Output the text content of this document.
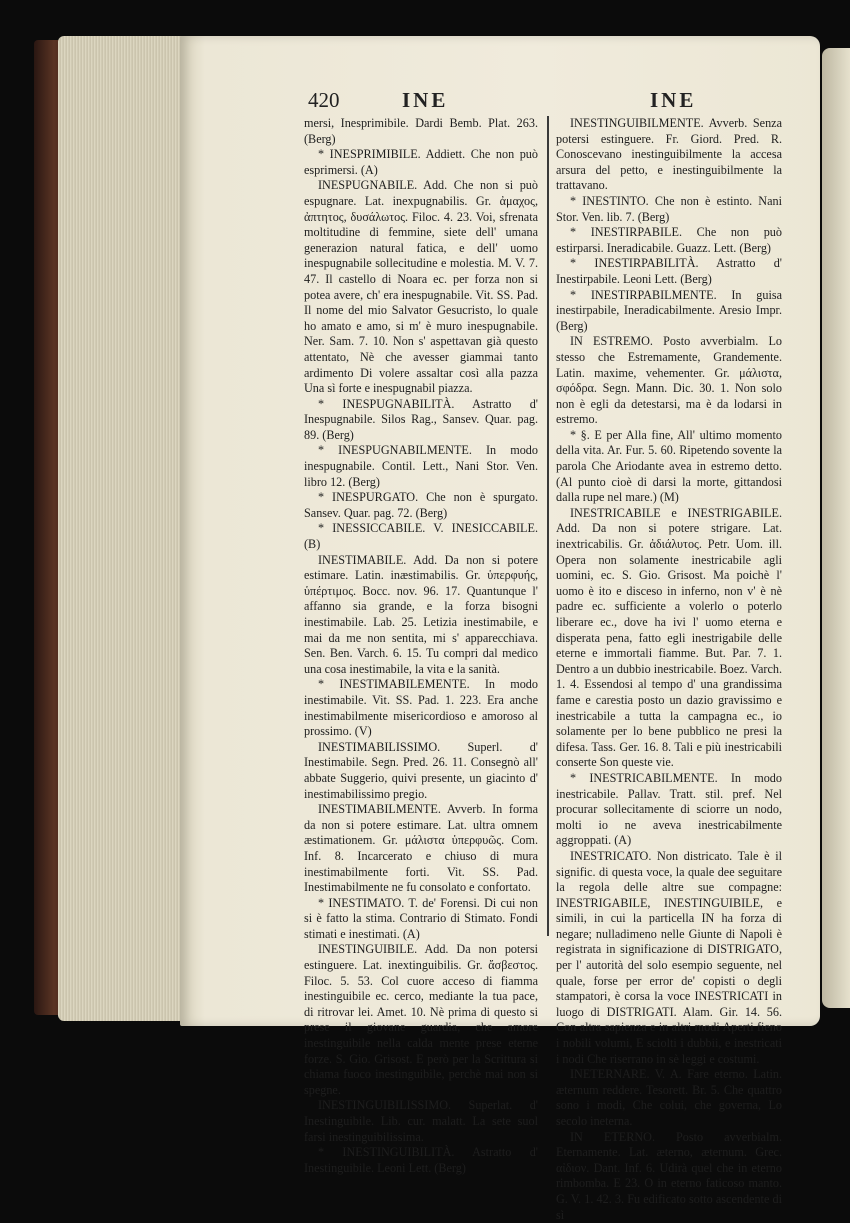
420	INE	INE

mersi, Inesprimibile. Dardi Bemb. Plat. 263. (Berg)

* INESPRIMIBILE. Addiett. Che non può esprimersi. (A)

INESPUGNABILE. Add. Che non si può espugnare. Lat. inexpugnabilis. Gr. ἀμαχος, ἀπτητος, δυσάλωτος. Filoc. 4. 23. Voi, sfrenata moltitudine di femmine, siete dell' umana generazion natural fatica, e dell' uomo inespugnabile sollecitudine e molestia. M. V. 7. 47. Il castello di Noara ec. per forza non si potea avere, ch' era inespugnabile. Vit. SS. Pad. Il nome del mio Salvator Gesucristo, lo quale ho amato e amo, si m' è muro inespugnabile. Ner. Sam. 7. 10. Non s' aspettavan già questo attentato, Nè che avesser giammai tanto ardimento Di volere assaltar così alla pazza Una sì forte e inespugnabil piazza.

* INESPUGNABILITÀ. Astratto d' Inespugnabile. Silos Rag., Sansev. Quar. pag. 89. (Berg)

* INESPUGNABILMENTE. In modo inespugnabile. Contil. Lett., Nani Stor. Ven. libro 12. (Berg)

* INESPURGATO. Che non è spurgato. Sansev. Quar. pag. 72. (Berg)

* INESSICCABILE. V. INESICCABILE. (B)

INESTIMABILE. Add. Da non si potere estimare. Latin. inæstimabilis. Gr. ὑπερφυής, ὑπέρτιμος. Bocc. nov. 96. 17. Quantunque l' affanno sia grande, e la forza bisogni inestimabile. Lab. 25. Letizia inestimabile, e mai da me non sentita, mi s' apparecchiava. Sen. Ben. Varch. 6. 15. Tu compri dal medico una cosa inestimabile, la vita e la sanità.

* INESTIMABILEMENTE. In modo inestimabile. Vit. SS. Pad. 1. 223. Era anche inestimabilmente misericordioso e amoroso al prossimo. (V)

INESTIMABILISSIMO. Superl. d' Inestimabile. Segn. Pred. 26. 11. Consegnò all' abbate Suggerio, quivi presente, un giacinto d' inestimabilissimo pregio.

INESTIMABILMENTE. Avverb. In forma da non si potere estimare. Lat. ultra omnem æstimationem. Gr. μάλιστα ὑπερφυῶς. Com. Inf. 8. Incarcerato e chiuso di mura inestimabilmente forti. Vit. SS. Pad. Inestimabilmente ne fu consolato e confortato.

* INESTIMATO. T. de' Forensi. Di cui non si è fatto la stima. Contrario di Stimato. Fondi stimati e inestimati. (A)

INESTINGUIBILE. Add. Da non potersi estinguere. Lat. inextinguibilis. Gr. ἄσβεστος. Filoc. 5. 53. Col cuore acceso di fiamma inestinguibile ec. cerco, mediante la tua pace, di ritrovar lei. Amet. 10. Nè prima di questo si prese il giovane guardia, che amore inestinguibile nella calda mente prese eterne forze. S. Gio. Grisost. E però per la Scrittura si chiama fuoco inestinguibile, perchè mai non si spegne.

INESTINGUIBILISSIMO. Superlat. d' Inestinguibile. Lib. cur. malatt. La sete suol farsi inestinguibilissima.

* INESTINGUIBILITÀ. Astratto d' Inestinguibile. Leoni Lett. (Berg)

INESTINGUIBILMENTE. Avverb. Senza potersi estinguere. Fr. Giord. Pred. R. Conoscevano inestinguibilmente la accesa arsura del petto, e inestinguibilmente la trattavano.

* INESTINTO. Che non è estinto. Nani Stor. Ven. lib. 7. (Berg)

* INESTIRPABILE. Che non può estirparsi. Ineradicabile. Guazz. Lett. (Berg)

* INESTIRPABILITÀ. Astratto d' Inestirpabile. Leoni Lett. (Berg)

* INESTIRPABILMENTE. In guisa inestirpabile, Ineradicabilmente. Aresio Impr. (Berg)

IN ESTREMO. Posto avverbialm. Lo stesso che Estremamente, Grandemente. Latin. maxime, vehementer. Gr. μάλιστα, σφόδρα. Segn. Mann. Dic. 30. 1. Non solo non è egli da detestarsi, ma è da lodarsi in estremo.

* §. E per Alla fine, All' ultimo momento della vita. Ar. Fur. 5. 60. Ripetendo sovente la parola Che Ariodante avea in estremo detto. (Al punto cioè di darsi la morte, gittandosi dalla rupe nel mare.) (M)

INESTRICABILE e INESTRIGABILE. Add. Da non si potere strigare. Lat. inextricabilis. Gr. ἀδιάλυτος. Petr. Uom. ill. Opera non solamente inestricabile agli uomini, ec. S. Gio. Grisost. Ma poichè l' uomo è ito e disceso in inferno, non v' è nè padre ec. sufficiente a volerlo o poterlo liberare ec., dove ha ivi l' uomo eterna e disperata pena, fatto egli inestrigabile delle eterne e immortali fiamme. But. Par. 7. 1. Dentro a un dubbio inestricabile. Boez. Varch. 1. 4. Essendosi al tempo d' una grandissima fame e carestia posto un dazio gravissimo e inestricabile a tutta la campagna ec., io solamente per lo bene pubblico ne presi la difesa. Tass. Ger. 16. 8. Tali e più inestricabili conserte Son queste vie.

* INESTRICABILMENTE. In modo inestricabile. Pallav. Tratt. stil. pref. Nel procurar sollecitamente di sciorre un nodo, molti io ne aveva inestricabilmente aggroppati. (A)

INESTRICATO. Non districato. Tale è il signific. di questa voce, la quale dee seguitare la regola delle altre sue compagne: INESTRIGABILE, INESTINGUIBILE, e simili, in cui la particella IN ha forza di negare; nulladimeno nelle Giunte di Napoli è registrata in significazione di DISTRIGATO, per l' autorità del solo esempio seguente, nel quale, forse per error de' copisti o degli stampatori, è corsa la voce INESTRICATI in luogo di DISTRIGATI. Alam. Gir. 14. 56. Con altra sapienza e in altri modi Aperti fieno i nobili volumi, E sciolti i dubbii, e inestricati i nodi Che riserrano in sè leggi e costumi.

INETERNARE. V. A. Fare eterno. Latin. æternum reddere. Tesorett. Br. 5. Che quattro sono i modi, Che colui, che governa, Lo secolo ineterna.

IN ETERNO. Posto avverbialm. Eternamente. Lat. æterno, æternum. Grec. αἰδιον. Dant. Inf. 6. Udirà quel che in eterno rimbomba. E 23. O in eterno faticoso manto. G. V. 1. 42. 3. Fu edificato sotto ascendente di sì
